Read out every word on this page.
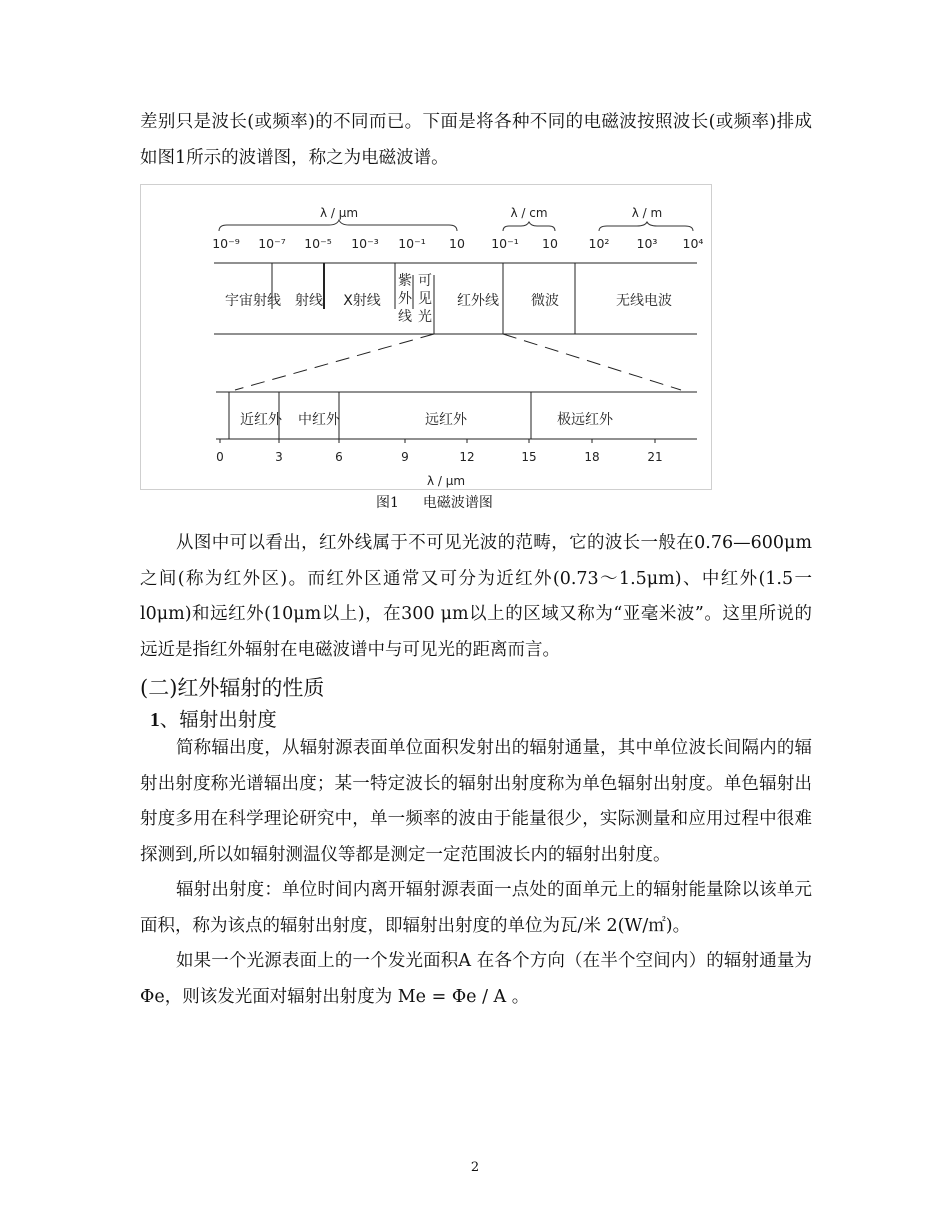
差别只是波长(或频率)的不同而已。下面是将各种不同的电磁波按照波长(或频率)排成如图1所示的波谱图，称之为电磁波谱。

λ / μm	λ / cm	λ / m
10⁻⁹ 10⁻⁷ 10⁻⁵ 10⁻³ 10⁻¹ 10 10⁻¹ 10 10² 10³ 10⁴
宇宙射线 射线 X射线
紫外线
可见光
红外线 微波	无线电波
近红外 中红外	远红外	极远红外
0	3	6	9	12	15	18	21
λ / μm

图1 电磁波谱图

从图中可以看出，红外线属于不可见光波的范畴，它的波长一般在0.76—600μm之间(称为红外区)。而红外区通常又可分为近红外(0.73～1.5μm)、中红外(1.5一l0μm)和远红外(10μm以上)，在300 μm以上的区域又称为“亚毫米波”。这里所说的远近是指红外辐射在电磁波谱中与可见光的距离而言。

(二)红外辐射的性质
1、辐射出射度

简称辐出度，从辐射源表面单位面积发射出的辐射通量，其中单位波长间隔内的辐射出射度称光谱辐出度；某一特定波长的辐射出射度称为单色辐射出射度。单色辐射出射度多用在科学理论研究中，单一频率的波由于能量很少，实际测量和应用过程中很难探测到,所以如辐射测温仪等都是测定一定范围波长内的辐射出射度。

辐射出射度：单位时间内离开辐射源表面一点处的面单元上的辐射能量除以该单元面积，称为该点的辐射出射度，即辐射出射度的单位为瓦/米 2(W/㎡)。

如果一个光源表面上的一个发光面积A 在各个方向（在半个空间内）的辐射通量为 Φe，则该发光面对辐射出射度为 Me = Φe / A 。

2
